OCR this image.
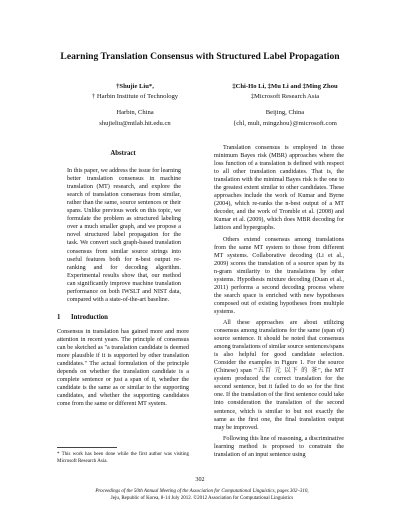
Learning Translation Consensus with Structured Label Propagation
†Shujie Liu*,
† Harbin Institute of Technology
Harbin, China
shujieliu@mtlab.hit.edu.cn
‡Chi-Ho Li, ‡Mu Li and ‡Ming Zhou
‡Microsoft Research Asia
Beijing, China
{chl, muli, mingzhou}@microsoft.com
Abstract

In this paper, we address the issue for learning better translation consensus in machine translation (MT) research, and explore the search of translation consensus from similar, rather than the same, source sentences or their spans. Unlike previous work on this topic, we formulate the problem as structured labeling over a much smaller graph, and we propose a novel structured label propagation for the task. We convert such graph-based translation consensus from similar source strings into useful features both for n-best output re-ranking and for decoding algorithm. Experimental results show that, our method can significantly improve machine translation performance on both IWSLT and NIST data, compared with a state-of-the-art baseline.

1 Introduction

Consensus in translation has gained more and more attention in recent years. The principle of consensus can be sketched as "a translation candidate is deemed more plausible if it is supported by other translation candidates." The actual formulation of the principle depends on whether the translation candidate is a complete sentence or just a span of it, whether the candidate is the same as or similar to the supporting candidates, and whether the supporting candidates come from the same or different MT system.

Translation consensus is employed in those minimum Bayes risk (MBR) approaches where the loss function of a translation is defined with respect to all other translation candidates. That is, the translation with the minimal Bayes risk is the one to the greatest extent similar to other candidates. These approaches include the work of Kumar and Byrne (2004), which re-ranks the n-best output of a MT decoder, and the work of Tromble et al. (2008) and Kumar et al. (2009), which does MBR decoding for lattices and hypergraphs.

Others extend consensus among translations from the same MT system to those from different MT systems. Collaborative decoding (Li et al., 2009) scores the translation of a source span by its n-gram similarity to the translations by other systems. Hypothesis mixture decoding (Duan et al., 2011) performs a second decoding process where the search space is enriched with new hypotheses composed out of existing hypotheses from multiple systems.

All these approaches are about utilizing consensus among translations for the same (span of) source sentence. It should be noted that consensus among translations of similar source sentences/spans is also helpful for good candidate selection. Consider the examples in Figure 1. For the source (Chinese) span "五百 元 以下 的 茶", the MT system produced the correct translation for the second sentence, but it failed to do so for the first one. If the translation of the first sentence could take into consideration the translation of the second sentence, which is similar to but not exactly the same as the first one, the final translation output may be improved.

Following this line of reasoning, a discriminative learning method is proposed to constrain the translation of an input sentence using

* This work has been done while the first author was visiting Microsoft Research Asia.
302
Proceedings of the 50th Annual Meeting of the Association for Computational Linguistics, pages 302–310,
Jeju, Republic of Korea, 8-14 July 2012. ©2012 Association for Computational Linguistics
